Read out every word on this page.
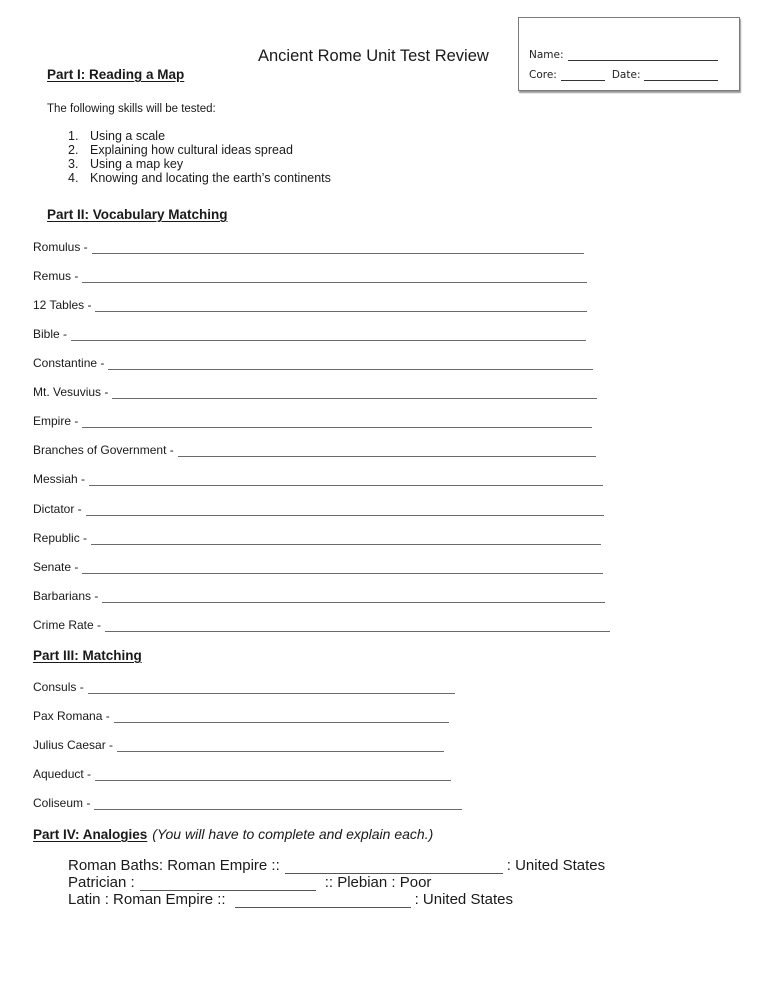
Ancient Rome Unit Test Review	Name:
Core:	Date:
Part I: Reading a Map
The following skills will be tested:
1. Using a scale
2. Explaining how cultural ideas spread
3. Using a map key
4. Knowing and locating the earth’s continents
Part II: Vocabulary Matching
Romulus -
Remus -
12 Tables -
Bible -
Constantine -
Mt. Vesuvius -
Empire -
Branches of Government -
Messiah -
Dictator -
Republic -
Senate -
Barbarians -
Crime Rate -
Part III: Matching
Consuls -
Pax Romana -
Julius Caesar -
Aqueduct -
Coliseum -
Part IV: Analogies (You will have to complete and explain each.)
Roman Baths: Roman Empire ::	: United States
Patrician :	:: Plebian : Poor
Latin : Roman Empire ::	: United States
